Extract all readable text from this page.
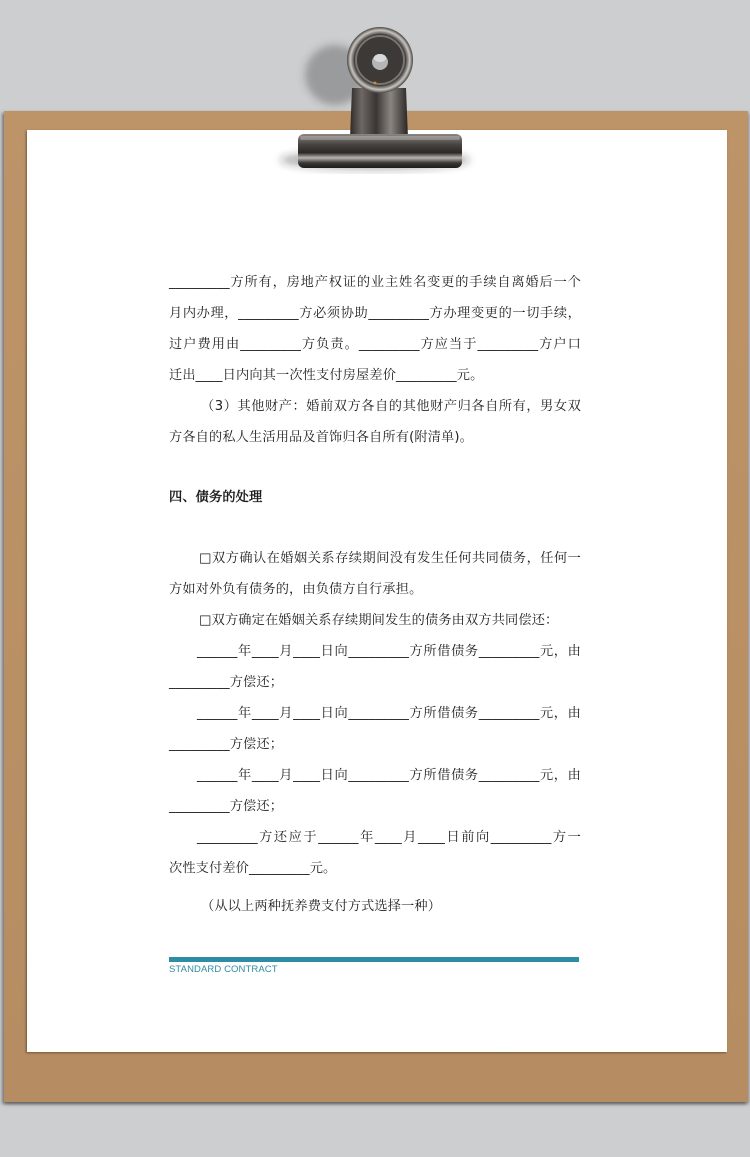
_________方所有，房地产权证的业主姓名变更的手续自离婚后一个
月内办理，_________方必须协助_________方办理变更的一切手续，
过户费用由_________方负责。_________方应当于_________方户口
迁出____日内向其一次性支付房屋差价_________元。
（3）其他财产：婚前双方各自的其他财产归各自所有，男女双
方各自的私人生活用品及首饰归各自所有(附清单)。
四、债务的处理
□双方确认在婚姻关系存续期间没有发生任何共同债务，任何一
方如对外负有债务的，由负债方自行承担。
□双方确定在婚姻关系存续期间发生的债务由双方共同偿还：
______年____月____日向_________方所借债务_________元，由
_________方偿还；
______年____月____日向_________方所借债务_________元，由
_________方偿还；
______年____月____日向_________方所借债务_________元，由
_________方偿还；
_________方还应于______年____月____日前向_________方一
次性支付差价_________元。
（从以上两种抚养费支付方式选择一种）
STANDARD CONTRACT
